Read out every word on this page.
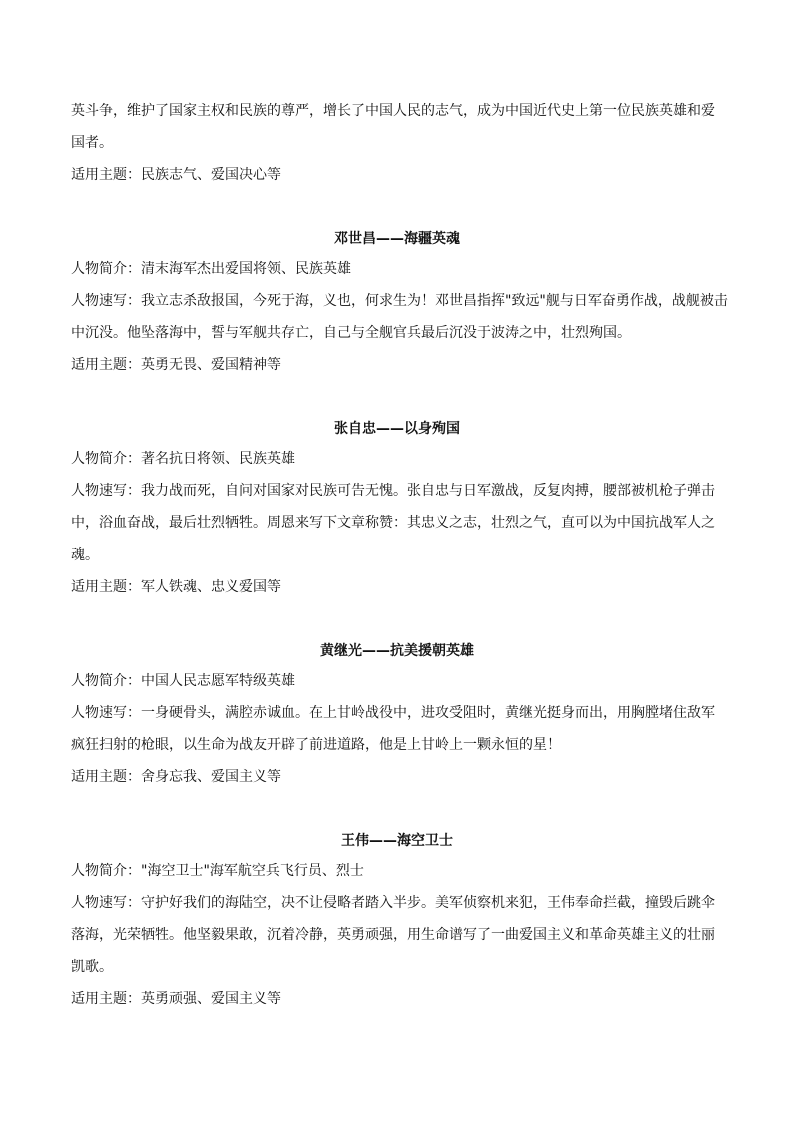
英斗争，维护了国家主权和民族的尊严，增长了中国人民的志气，成为中国近代史上第一位民族英雄和爱

国者。

适用主题：民族志气、爱国决心等

邓世昌——海疆英魂

人物简介：清末海军杰出爱国将领、民族英雄

人物速写：我立志杀敌报国，今死于海，义也，何求生为！邓世昌指挥"致远"舰与日军奋勇作战，战舰被击

中沉没。他坠落海中，誓与军舰共存亡，自己与全舰官兵最后沉没于波涛之中，壮烈殉国。

适用主题：英勇无畏、爱国精神等

张自忠——以身殉国

人物简介：著名抗日将领、民族英雄

人物速写：我力战而死，自问对国家对民族可告无愧。张自忠与日军激战，反复肉搏，腰部被机枪子弹击

中，浴血奋战，最后壮烈牺牲。周恩来写下文章称赞：其忠义之志，壮烈之气，直可以为中国抗战军人之

魂。

适用主题：军人铁魂、忠义爱国等

黄继光——抗美援朝英雄

人物简介：中国人民志愿军特级英雄

人物速写：一身硬骨头，满腔赤诚血。在上甘岭战役中，进攻受阻时，黄继光挺身而出，用胸膛堵住敌军

疯狂扫射的枪眼，以生命为战友开辟了前进道路，他是上甘岭上一颗永恒的星！

适用主题：舍身忘我、爱国主义等

王伟——海空卫士

人物简介："海空卫士"海军航空兵飞行员、烈士

人物速写：守护好我们的海陆空，决不让侵略者踏入半步。美军侦察机来犯，王伟奉命拦截，撞毁后跳伞

落海，光荣牺牲。他坚毅果敢，沉着冷静，英勇顽强，用生命谱写了一曲爱国主义和革命英雄主义的壮丽

凯歌。

适用主题：英勇顽强、爱国主义等
